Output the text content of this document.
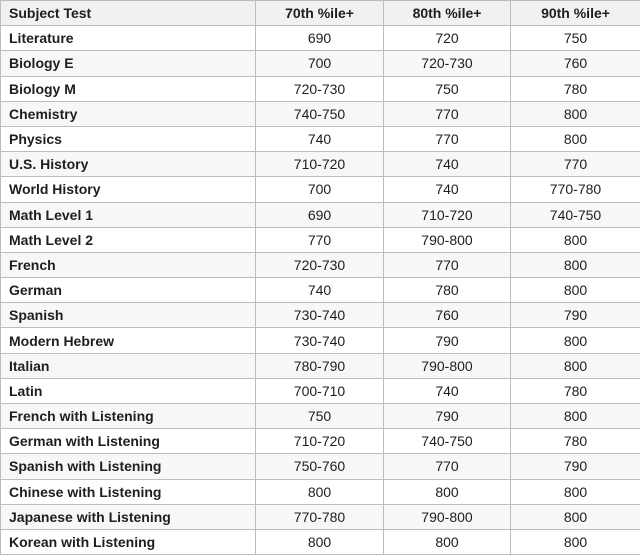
Subject Test	70th %ile+	80th %ile+	90th %ile+
Literature	690	720	750
Biology E	700	720-730	760
Biology M	720-730	750	780
Chemistry	740-750	770	800
Physics	740	770	800
U.S. History	710-720	740	770
World History	700	740	770-780
Math Level 1	690	710-720	740-750
Math Level 2	770	790-800	800
French	720-730	770	800
German	740	780	800
Spanish	730-740	760	790
Modern Hebrew	730-740	790	800
Italian	780-790	790-800	800
Latin	700-710	740	780
French with Listening	750	790	800
German with Listening	710-720	740-750	780
Spanish with Listening	750-760	770	790
Chinese with Listening	800	800	800
Japanese with Listening	770-780	790-800	800
Korean with Listening	800	800	800
